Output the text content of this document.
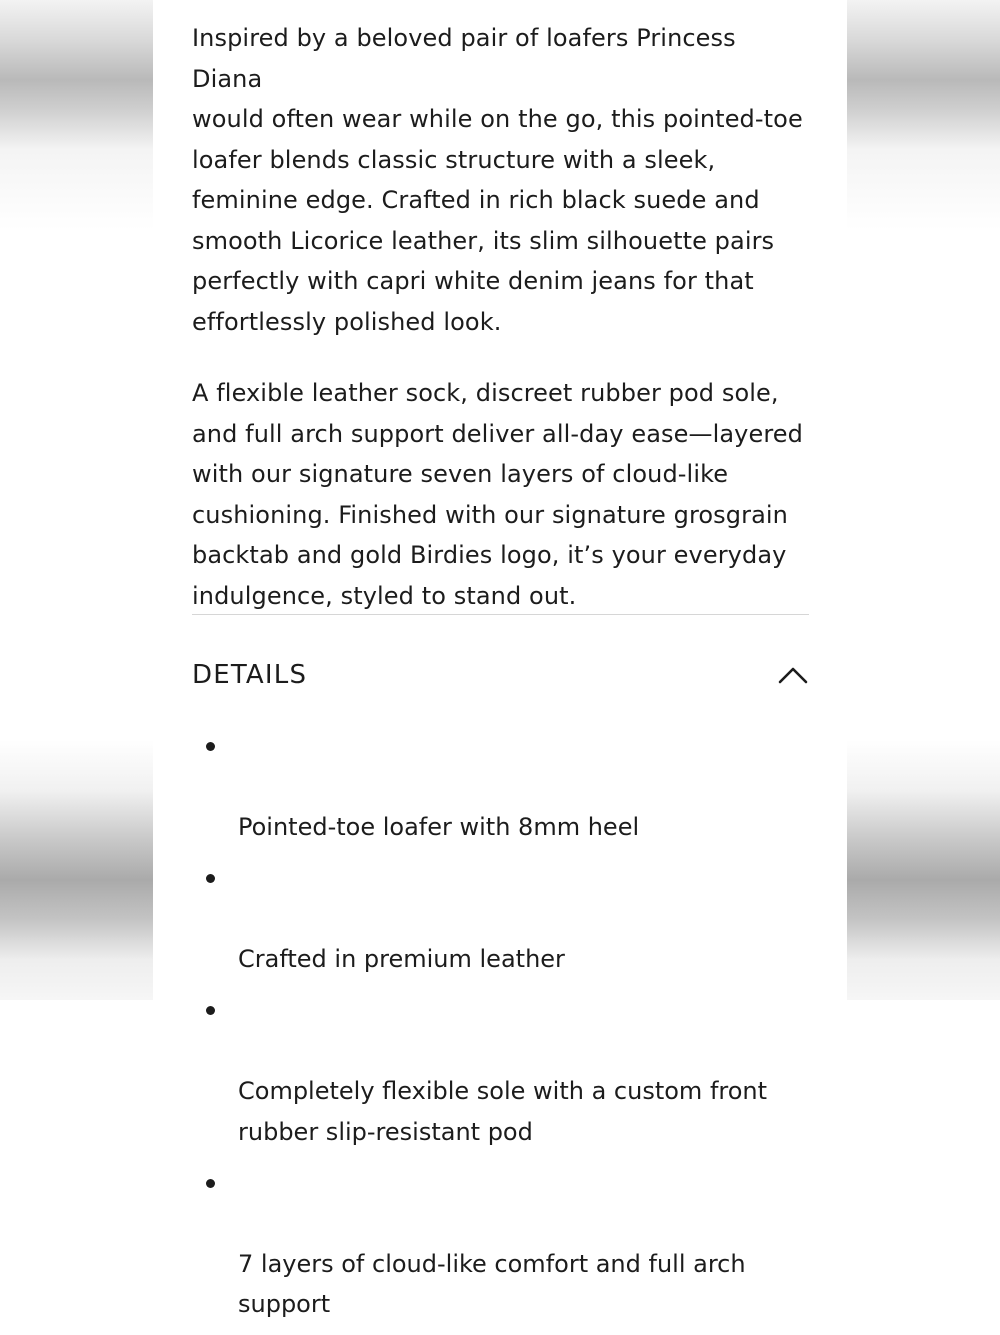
Inspired by a beloved pair of loafers Princess Diana
would often wear while on the go, this pointed-toe
loafer blends classic structure with a sleek,
feminine edge. Crafted in rich black suede and
smooth Licorice leather, its slim silhouette pairs
perfectly with capri white denim jeans for that
effortlessly polished look.

A flexible leather sock, discreet rubber pod sole,
and full arch support deliver all-day ease—layered
with our signature seven layers of cloud-like
cushioning. Finished with our signature grosgrain
backtab and gold Birdies logo, it’s your everyday
indulgence, styled to stand out.

DETAILS

Pointed-toe loafer with 8mm heel

Crafted in premium leather

Completely flexible sole with a custom front
rubber slip-resistant pod

7 layers of cloud-like comfort and full arch
support
